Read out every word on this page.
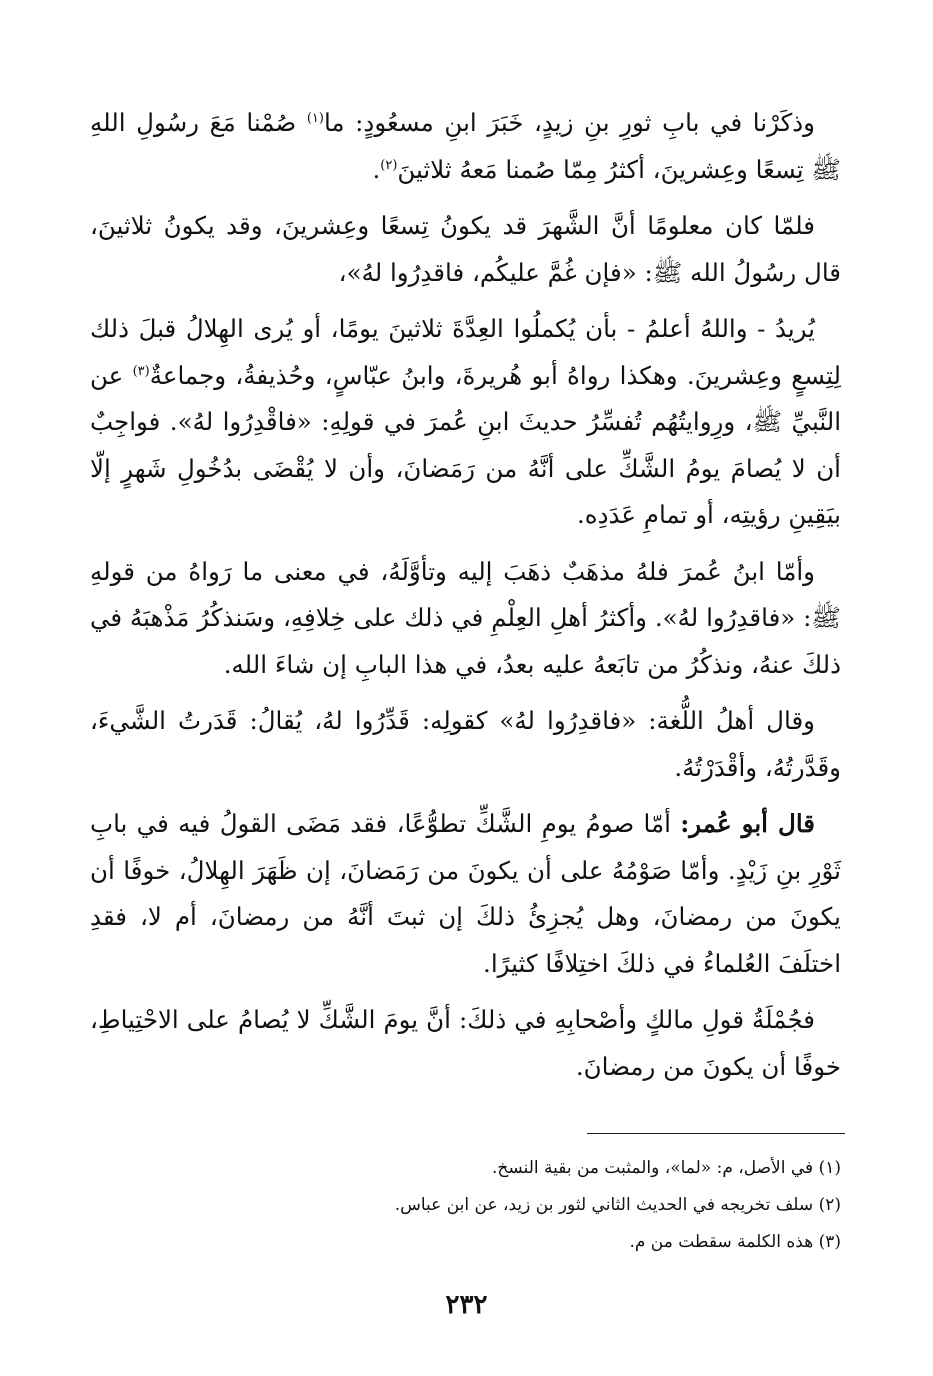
وذكَرْنا في بابِ ثورِ بنِ زيدٍ، خَبَرَ ابنِ مسعُودٍ: ما$^{(١)}$ صُمْنا مَعَ رسُولِ اللهِ ﷺ تِسعًا وعِشرينَ، أكثرُ مِمّا صُمنا مَعهُ ثلاثينَ$^{(٢)}$.

فلمّا كان معلومًا أنَّ الشَّهرَ قد يكونُ تِسعًا وعِشرينَ، وقد يكونُ ثلاثينَ، قال رسُولُ الله ﷺ: «فإن غُمَّ عليكُم، فاقدِرُوا لهُ»،

يُريدُ - واللهُ أعلمُ - بأن يُكملُوا العِدَّةَ ثلاثينَ يومًا، أو يُرى الهِلالُ قبلَ ذلك لِتِسعٍ وعِشرينَ. وهكذا رواهُ أبو هُريرةَ، وابنُ عبّاسٍ، وحُذيفةُ، وجماعةٌ$^{(٣)}$ عن النَّبيِّ ﷺ، ورِوايتُهُم تُفسِّرُ حديثَ ابنِ عُمرَ في قولِهِ: «فاقْدِرُوا لهُ». فواجِبٌ أن لا يُصامَ يومُ الشَّكِّ على أنَّهُ من رَمَضانَ، وأن لا يُقْضَى بدُخُولِ شَهرٍ إلّا بيَقِينِ رؤيتِه، أو تمامِ عَدَدِه.

وأمّا ابنُ عُمرَ فلهُ مذهَبٌ ذهَبَ إليه وتأوَّلَهُ، في معنى ما رَواهُ من قولهِ ﷺ: «فاقدِرُوا لهُ». وأكثرُ أهلِ العِلْمِ في ذلك على خِلافِهِ، وسَنذكُرُ مَذْهبَهُ في ذلكَ عنهُ، ونذكُرُ من تابَعهُ عليه بعدُ، في هذا البابِ إن شاءَ الله.

وقال أهلُ اللُّغة: «فاقدِرُوا لهُ» كقولِه: قَدِّرُوا لهُ، يُقالُ: قَدَرتُ الشَّيءَ، وقَدَّرتُهُ، وأقْدَرْتُهُ.

قال أبو عُمر: أمّا صومُ يومِ الشَّكِّ تطوُّعًا، فقد مَضَى القولُ فيه في بابِ ثَوْرِ بنِ زَيْدٍ. وأمّا صَوْمُهُ على أن يكونَ من رَمَضانَ، إن ظَهَرَ الهِلالُ، خوفًا أن يكونَ من رمضانَ، وهل يُجزِئُ ذلكَ إن ثبتَ أنَّهُ من رمضانَ، أم لا، فقدِ اختلَفَ العُلماءُ في ذلكَ اختِلافًا كثيرًا.

فجُمْلَةُ قولِ مالكٍ وأصْحابِهِ في ذلكَ: أنَّ يومَ الشَّكِّ لا يُصامُ على الاحْتِياطِ، خوفًا أن يكونَ من رمضانَ.

(١) في الأصل، م: «لما»، والمثبت من بقية النسخ.
(٢) سلف تخريجه في الحديث الثاني لثور بن زيد، عن ابن عباس.
(٣) هذه الكلمة سقطت من م.
٢٣٢
